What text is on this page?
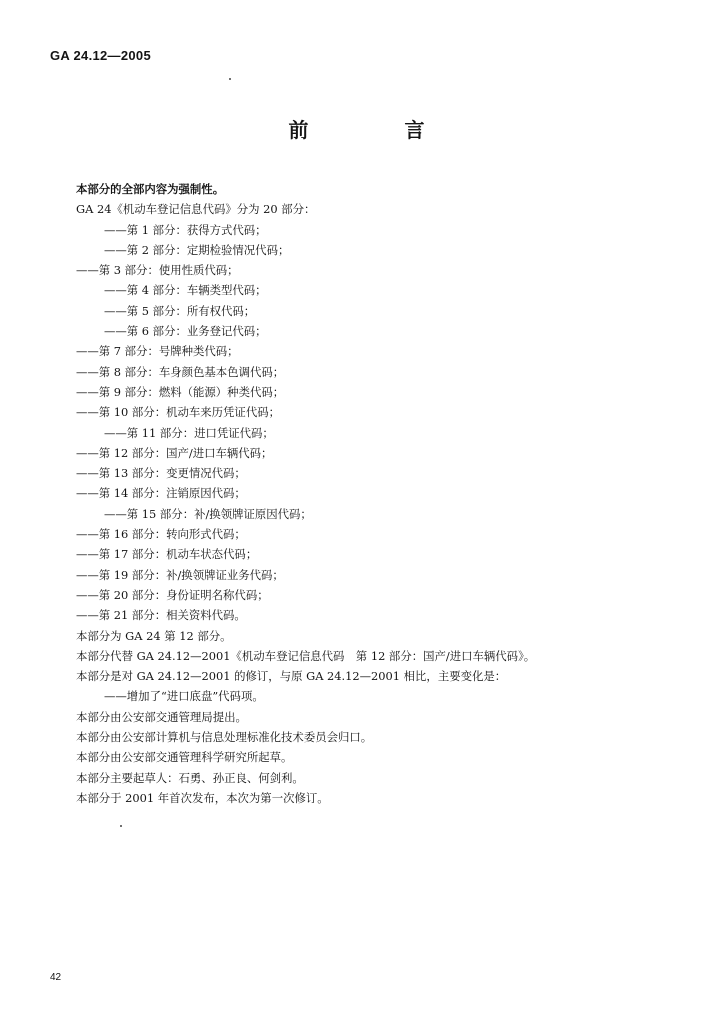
GA 24.12—2005
前　言
本部分的全部内容为强制性。
GA 24《机动车登记信息代码》分为 20 部分：
——第 1 部分：获得方式代码；
——第 2 部分：定期检验情况代码；
——第 3 部分：使用性质代码；
——第 4 部分：车辆类型代码；
——第 5 部分：所有权代码；
——第 6 部分：业务登记代码；
——第 7 部分：号牌种类代码；
——第 8 部分：车身颜色基本色调代码；
——第 9 部分：燃料（能源）种类代码；
——第 10 部分：机动车来历凭证代码；
——第 11 部分：进口凭证代码；
——第 12 部分：国产/进口车辆代码；
——第 13 部分：变更情况代码；
——第 14 部分：注销原因代码；
——第 15 部分：补/换领牌证原因代码；
——第 16 部分：转向形式代码；
——第 17 部分：机动车状态代码；
——第 19 部分：补/换领牌证业务代码；
——第 20 部分：身份证明名称代码；
——第 21 部分：相关资料代码。
本部分为 GA 24 第 12 部分。
本部分代替 GA 24.12—2001《机动车登记信息代码　第 12 部分：国产/进口车辆代码》。
本部分是对 GA 24.12—2001 的修订，与原 GA 24.12—2001 相比，主要变化是：
——增加了“进口底盘”代码项。
本部分由公安部交通管理局提出。
本部分由公安部计算机与信息处理标准化技术委员会归口。
本部分由公安部交通管理科学研究所起草。
本部分主要起草人：石勇、孙正良、何剑利。
本部分于 2001 年首次发布，本次为第一次修订。
42
